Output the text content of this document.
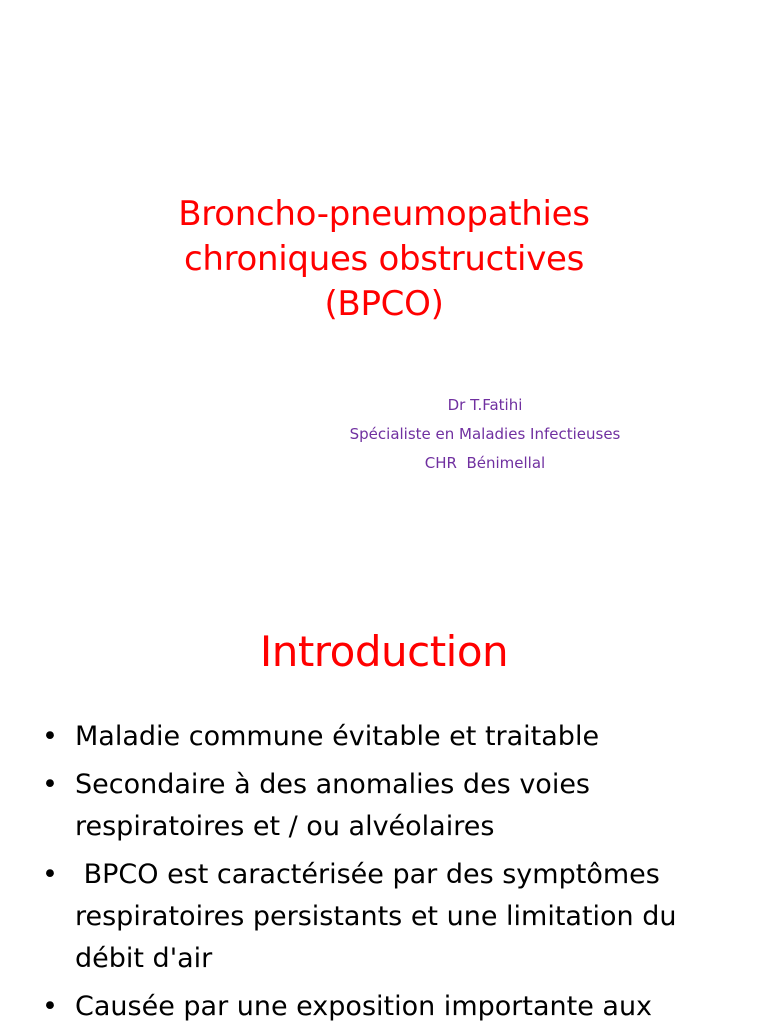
Broncho-pneumopathies
chroniques obstructives
(BPCO)
Dr T.Fatihi
Spécialiste en Maladies Infectieuses
CHR  Bénimellal
Introduction
• Maladie commune évitable et traitable
• Secondaire à des anomalies des voies
respiratoires et / ou alvéolaires
• BPCO est caractérisée par des symptômes
respiratoires persistants et une limitation du
débit d'air
• Causée par une exposition importante aux
